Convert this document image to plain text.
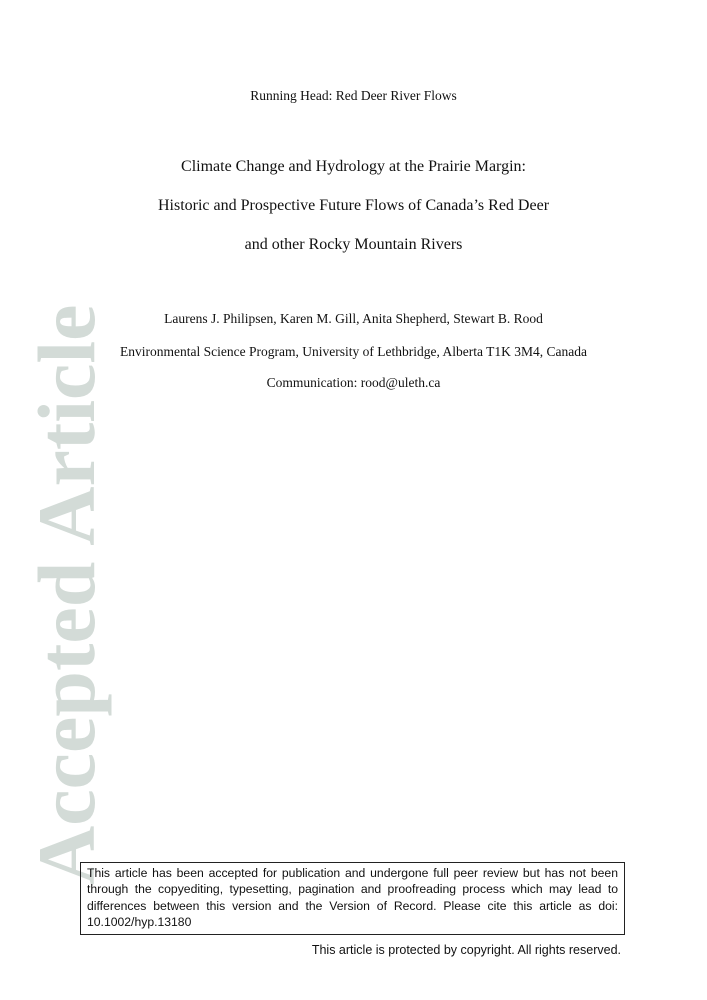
Accepted Article
Running Head: Red Deer River Flows
Climate Change and Hydrology at the Prairie Margin:
Historic and Prospective Future Flows of Canada’s Red Deer
and other Rocky Mountain Rivers
Laurens J. Philipsen, Karen M. Gill, Anita Shepherd, Stewart B. Rood
Environmental Science Program, University of Lethbridge, Alberta T1K 3M4, Canada
Communication: rood@uleth.ca
This article has been accepted for publication and undergone full peer review but has not been through the copyediting, typesetting, pagination and proofreading process which may lead to differences between this version and the Version of Record. Please cite this article as doi: 10.1002/hyp.13180
This article is protected by copyright. All rights reserved.
